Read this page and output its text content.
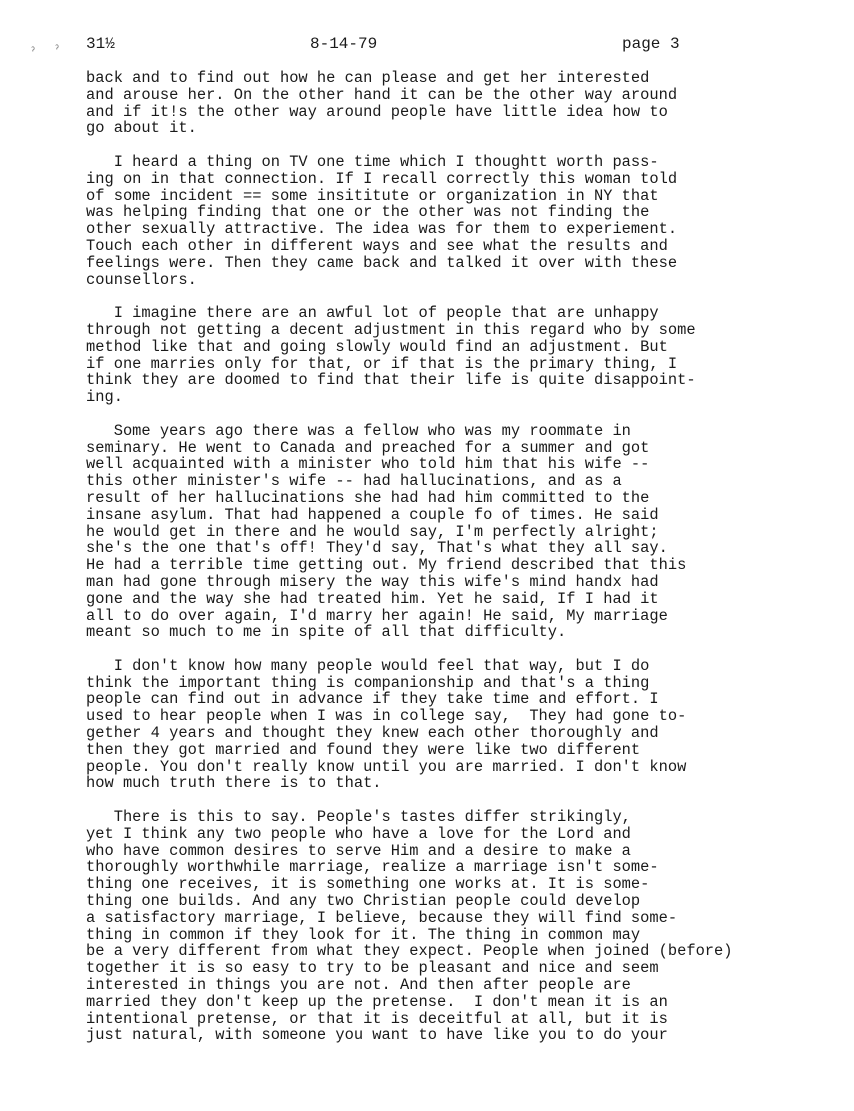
ˀ ˀ 31½	8-14-79	page 3
back and to find out how he can please and get her interested
and arouse her. On the other hand it can be the other way around
and if it!s the other way around people have little idea how to
go about it.
I heard a thing on TV one time which I thoughtt worth pass-
ing on in that connection. If I recall correctly this woman told
of some incident == some insititute or organization in NY that
was helping finding that one or the other was not finding the
other sexually attractive. The idea was for them to experiement.
Touch each other in different ways and see what the results and
feelings were. Then they came back and talked it over with these
counsellors.
I imagine there are an awful lot of people that are unhappy
through not getting a decent adjustment in this regard who by some
method like that and going slowly would find an adjustment. But
if one marries only for that, or if that is the primary thing, I
think they are doomed to find that their life is quite disappoint-
ing.
Some years ago there was a fellow who was my roommate in
seminary. He went to Canada and preached for a summer and got
well acquainted with a minister who told him that his wife --
this other minister's wife -- had hallucinations, and as a
result of her hallucinations she had had him committed to the
insane asylum. That had happened a couple fo of times. He said
he would get in there and he would say, I'm perfectly alright;
she's the one that's off! They'd say, That's what they all say.
He had a terrible time getting out. My friend described that this
man had gone through misery the way this wife's mind handx had
gone and the way she had treated him. Yet he said, If I had it
all to do over again, I'd marry her again! He said, My marriage
meant so much to me in spite of all that difficulty.
I don't know how many people would feel that way, but I do
think the important thing is companionship and that's a thing
people can find out in advance if they take time and effort. I
used to hear people when I was in college say,  They had gone to-
gether 4 years and thought they knew each other thoroughly and
then they got married and found they were like two different
people. You don't really know until you are married. I don't know
how much truth there is to that.
There is this to say. People's tastes differ strikingly,
yet I think any two people who have a love for the Lord and
who have common desires to serve Him and a desire to make a
thoroughly worthwhile marriage, realize a marriage isn't some-
thing one receives, it is something one works at. It is some-
thing one builds. And any two Christian people could develop
a satisfactory marriage, I believe, because they will find some-
thing in common if they look for it. The thing in common may
be a very different from what they expect. People when joined (before)
together it is so easy to try to be pleasant and nice and seem
interested in things you are not. And then after people are
married they don't keep up the pretense.  I don't mean it is an
intentional pretense, or that it is deceitful at all, but it is
just natural, with someone you want to have like you to do your
